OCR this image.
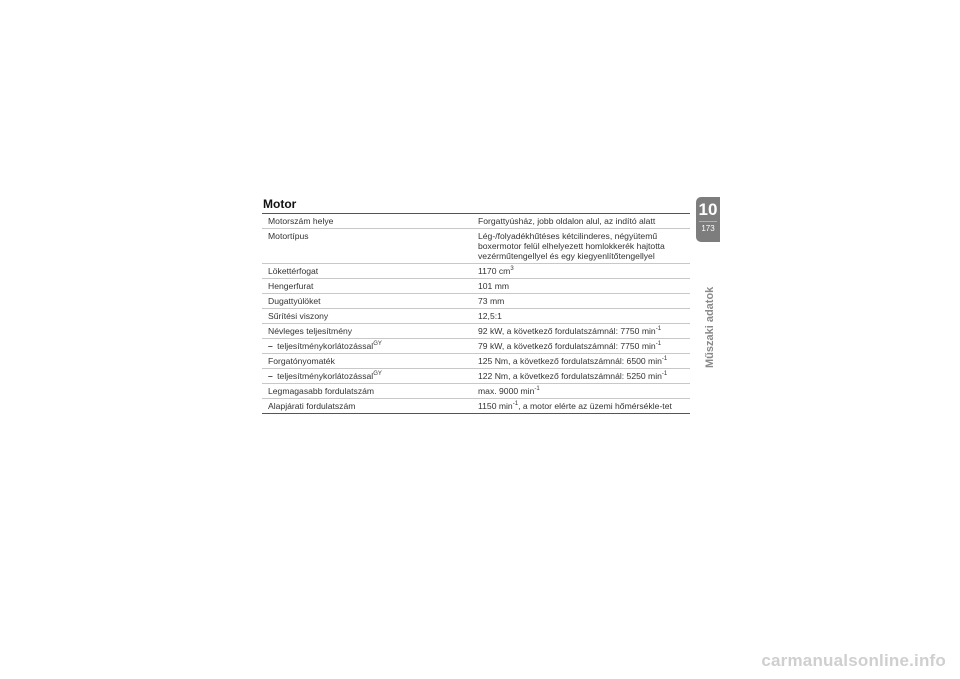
Motor
Motorszám helye	Forgattyúsház, jobb oldalon alul, az indító alatt
Motortípus	Lég-/folyadékhűtéses kétcilinderes, négyütemű boxermotor felül elhelyezett homlokkerék hajtotta vezérműtengellyel és egy kiegyenlítőtengellyel
Lökettérfogat	1170 $cm^3$
Hengerfurat	101 mm
Dugattyúlöket	73 mm
Sűrítési viszony	12,5:1
Névleges teljesítmény	92 kW, a következő fordulatszámnál: 7750 $\min^{-1}$
– teljesítménykorlátozással$^{GY}$	79 kW, a következő fordulatszámnál: 7750 $\min^{-1}$
Forgatónyomaték	125 Nm, a következő fordulatszámnál: 6500 $\min^{-1}$
– teljesítménykorlátozással$^{GY}$	122 Nm, a következő fordulatszámnál: 5250 $\min^{-1}$
Legmagasabb fordulatszám	max. 9000 $\min^{-1}$
Alapjárati fordulatszám	1150 $\min^{-1}$, a motor elérte az üzemi hőmérsékle-tet
10
173
Műszaki adatok
carmanualsonline.info
